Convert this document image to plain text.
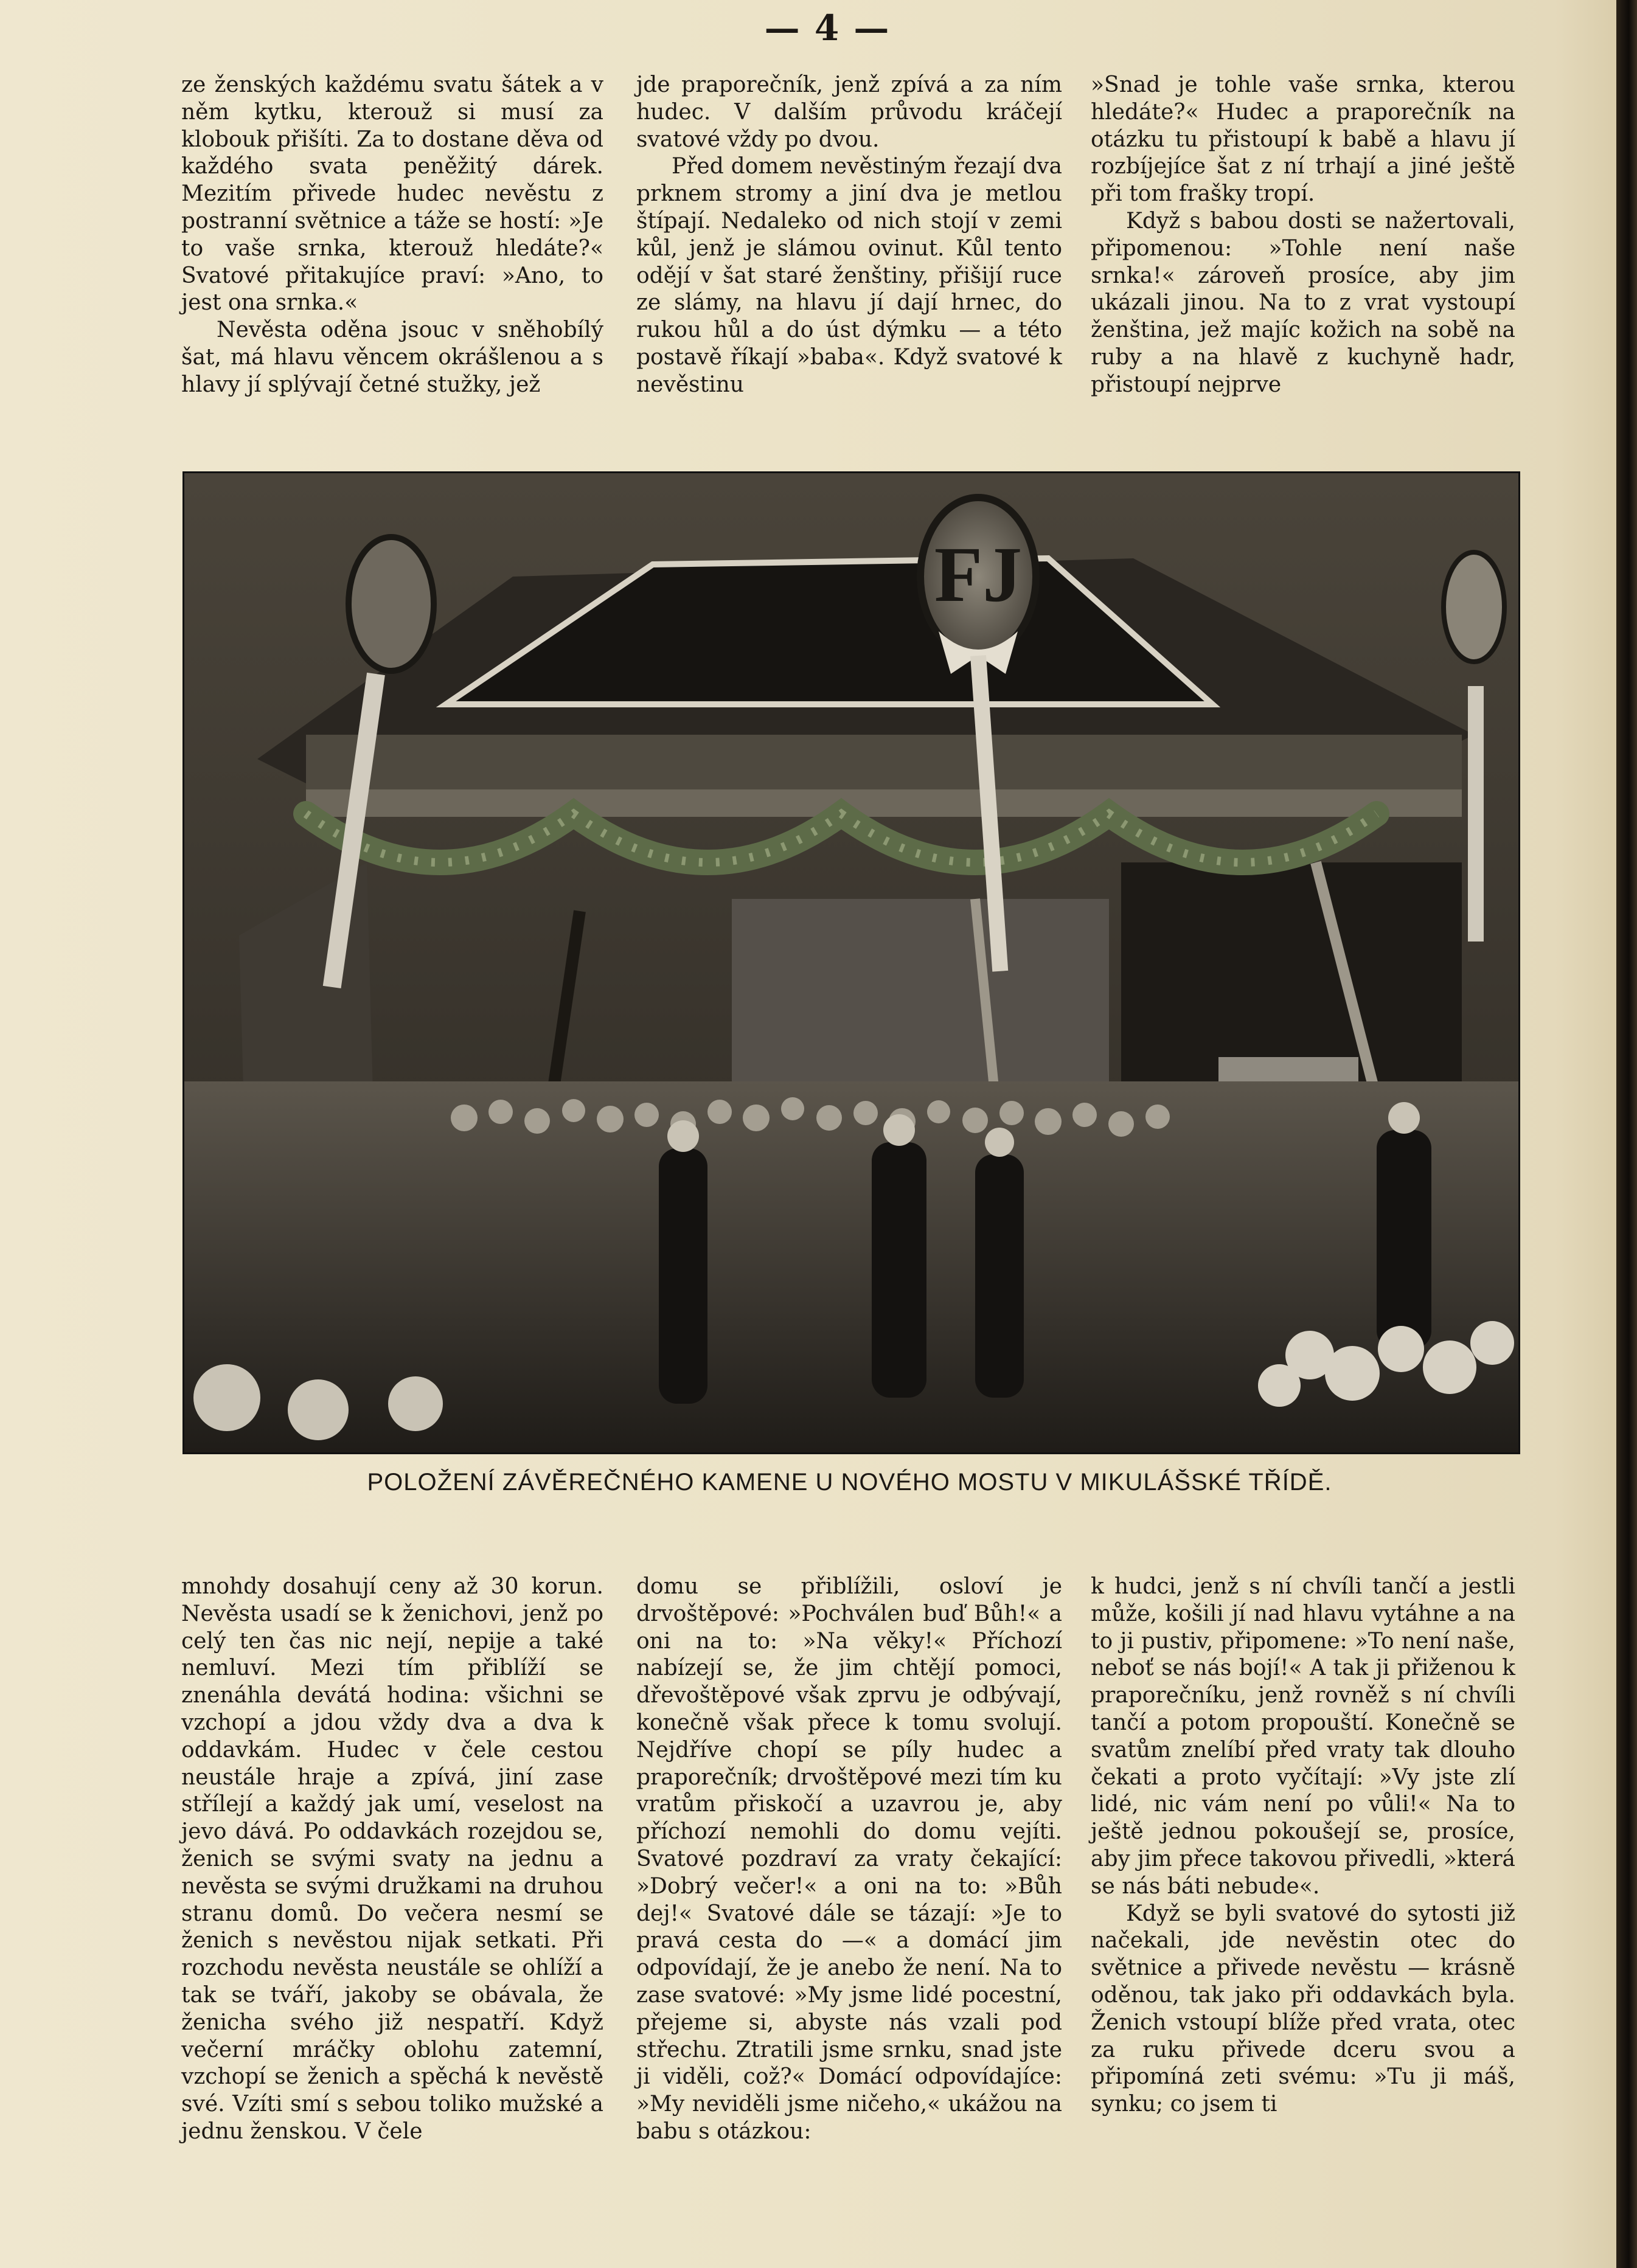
— 4 —

ze ženských každému svatu šátek a v něm kytku, kterouž si musí za klobouk přišíti. Za to dostane děva od každého svata peněžitý dárek. Mezitím přivede hudec nevěstu z postranní světnice a táže se hostí: »Je to vaše srnka, kterouž hledáte?« Svatové přitakujíce praví: »Ano, to jest ona srnka.«

Nevěsta oděna jsouc v sněhobílý šat, má hlavu věncem okrášlenou a s hlavy jí splývají četné stužky, jež

jde praporečník, jenž zpívá a za ním hudec. V dalším průvodu kráčejí svatové vždy po dvou.

Před domem nevěstiným řezají dva prknem stromy a jiní dva je metlou štípají. Nedaleko od nich stojí v zemi kůl, jenž je slámou ovinut. Kůl tento odějí v šat staré ženštiny, přišijí ruce ze slámy, na hlavu jí dají hrnec, do rukou hůl a do úst dýmku — a této postavě říkají »baba«. Když svatové k nevěstinu

»Snad je tohle vaše srnka, kterou hledáte?« Hudec a praporečník na otázku tu přistoupí k babě a hlavu jí rozbíjejíce šat z ní trhají a jiné ještě při tom frašky tropí.

Když s babou dosti se nažertovali, připomenou: »Tohle není naše srnka!« zároveň prosíce, aby jim ukázali jinou. Na to z vrat vystoupí ženština, jež majíc kožich na sobě na ruby a na hlavě z kuchyně hadr, přistoupí nejprve

FJ
POLOŽENÍ ZÁVĚREČNÉHO KAMENE U NOVÉHO MOSTU V MIKULÁŠSKÉ TŘÍDĚ.

mnohdy dosahují ceny až 30 korun. Nevěsta usadí se k ženichovi, jenž po celý ten čas nic nejí, nepije a také nemluví. Mezi tím přiblíží se znenáhla devátá hodina: všichni se vzchopí a jdou vždy dva a dva k oddavkám. Hudec v čele cestou neustále hraje a zpívá, jiní zase střílejí a každý jak umí, veselost na jevo dává. Po oddavkách rozejdou se, ženich se svými svaty na jednu a nevěsta se svými družkami na druhou stranu domů. Do večera nesmí se ženich s nevěstou nijak setkati. Při rozchodu nevěsta neustále se ohlíží a tak se tváří, jakoby se obávala, že ženicha svého již nespatří. Když večerní mráčky oblohu zatemní, vzchopí se ženich a spěchá k nevěstě své. Vzíti smí s sebou toliko mužské a jednu ženskou. V čele

domu se přiblížili, osloví je drvoštěpové: »Pochválen buď Bůh!« a oni na to: »Na věky!« Příchozí nabízejí se, že jim chtějí pomoci, dřevoštěpové však zprvu je odbývají, konečně však přece k tomu svolují. Nejdříve chopí se píly hudec a praporečník; drvoštěpové mezi tím ku vratům přiskočí a uzavrou je, aby příchozí nemohli do domu vejíti. Svatové pozdraví za vraty čekající: »Dobrý večer!« a oni na to: »Bůh dej!« Svatové dále se tázají: »Je to pravá cesta do —« a domácí jim odpovídají, že je anebo že není. Na to zase svatové: »My jsme lidé pocestní, přejeme si, abyste nás vzali pod střechu. Ztratili jsme srnku, snad jste ji viděli, což?« Domácí odpovídajíce: »My neviděli jsme ničeho,« ukážou na babu s otázkou:

k hudci, jenž s ní chvíli tančí a jestli může, košili jí nad hlavu vytáhne a na to ji pustiv, připomene: »To není naše, neboť se nás bojí!« A tak ji přiženou k praporečníku, jenž rovněž s ní chvíli tančí a potom propouští. Konečně se svatům znelíbí před vraty tak dlouho čekati a proto vyčítají: »Vy jste zlí lidé, nic vám není po vůli!« Na to ještě jednou pokoušejí se, prosíce, aby jim přece takovou přivedli, »která se nás báti nebude«.

Když se byli svatové do sytosti již načekali, jde nevěstin otec do světnice a přivede nevěstu — krásně oděnou, tak jako při oddavkách byla. Ženich vstoupí blíže před vrata, otec za ruku přivede dceru svou a připomíná zeti svému: »Tu ji máš, synku; co jsem ti
